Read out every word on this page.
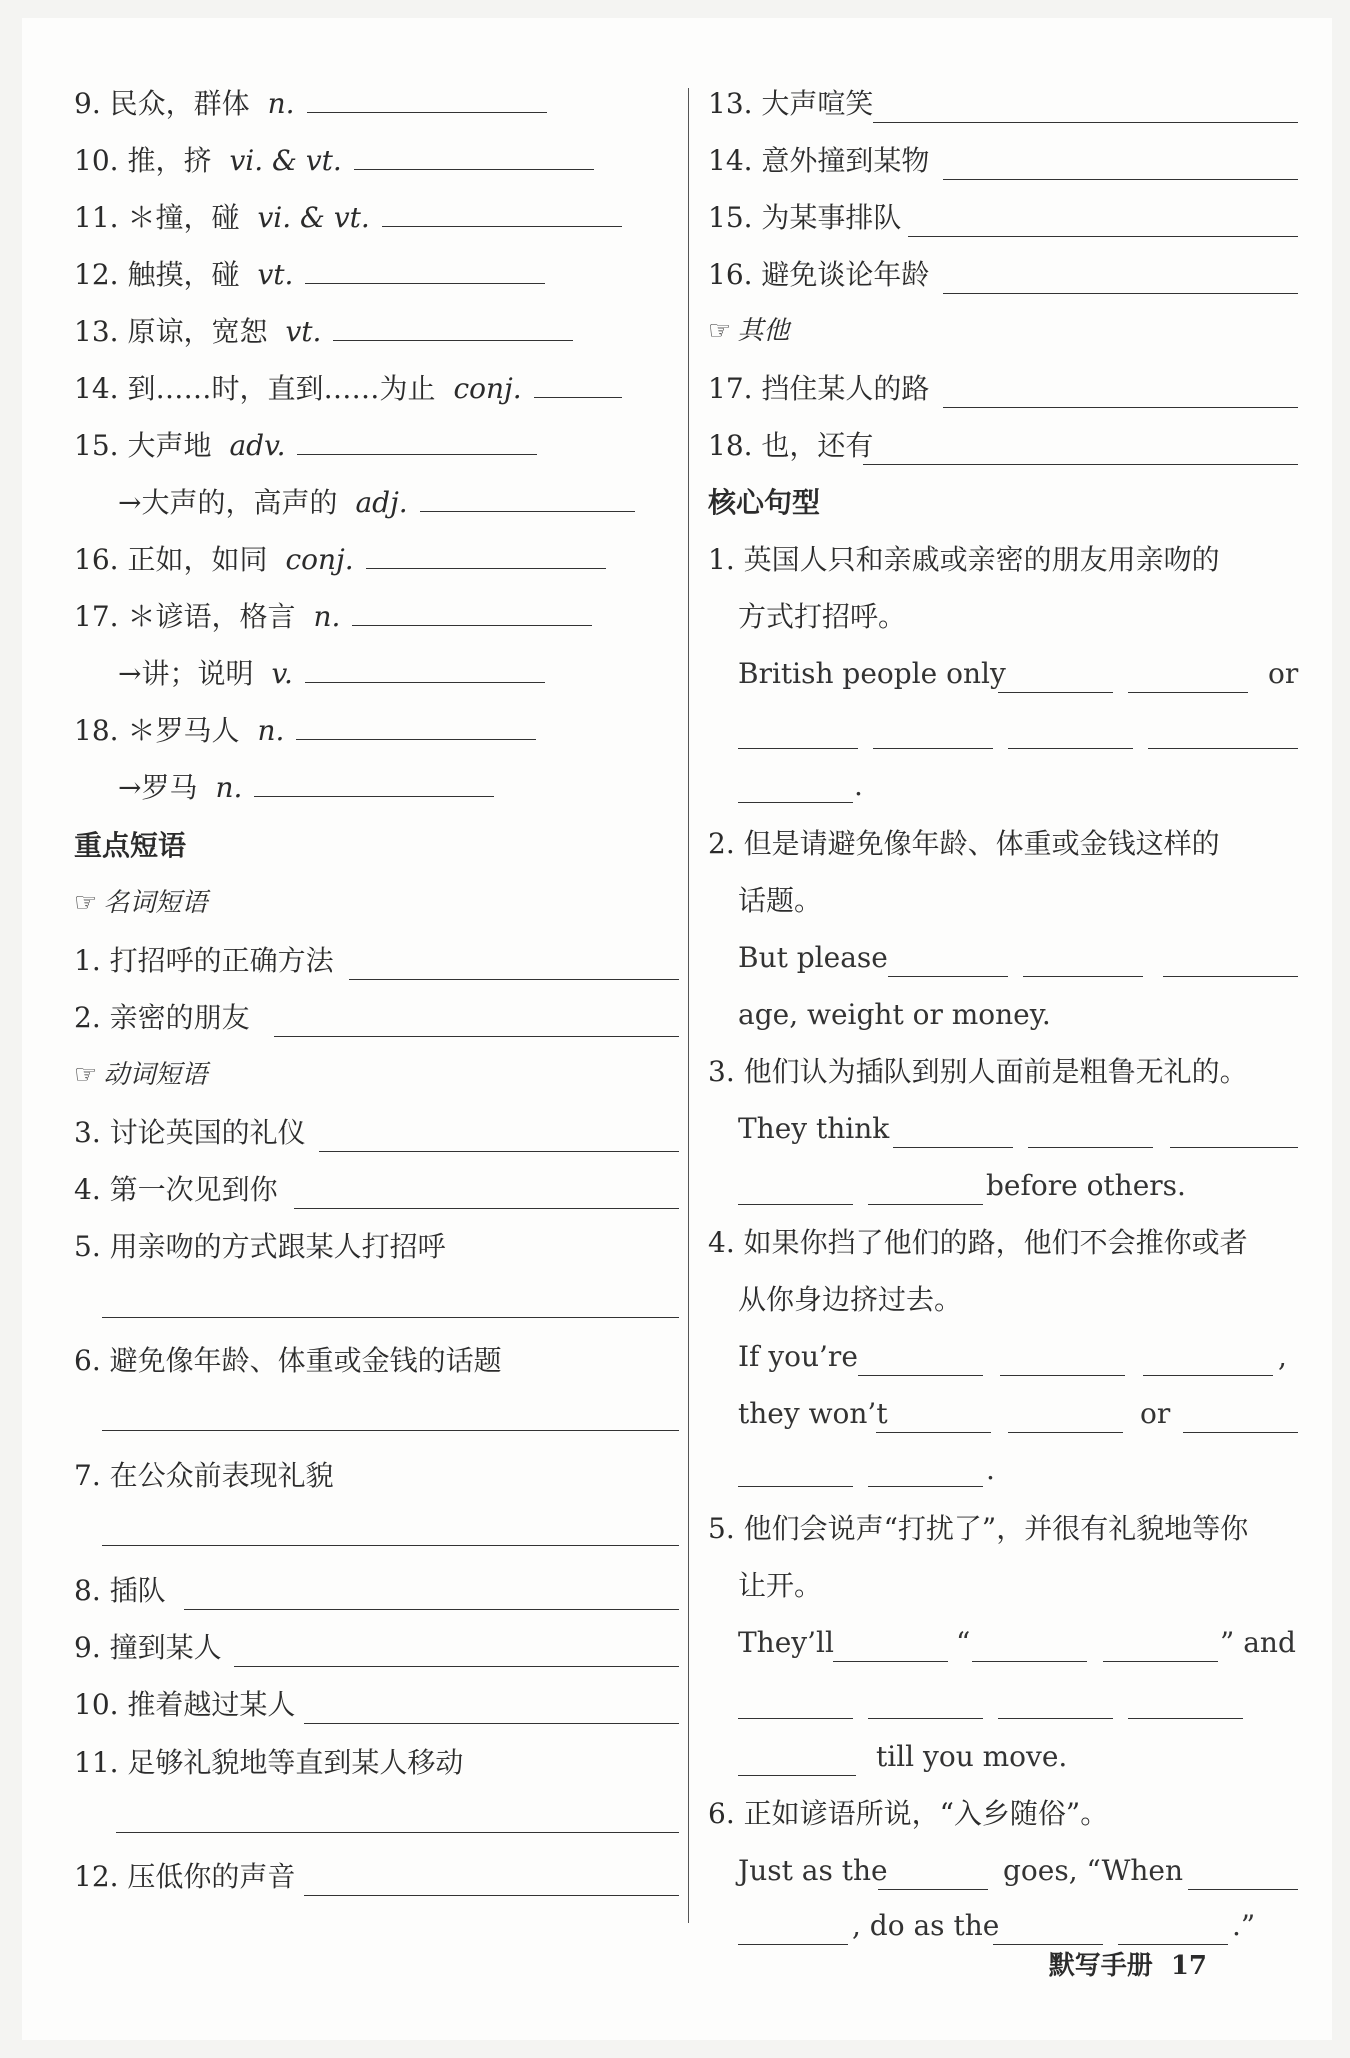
9. 民众，群体 n.
10. 推，挤 vi. & vt.
11. ＊撞，碰 vi. & vt.
12. 触摸，碰 vt.
13. 原谅，宽恕 vt.
14. 到……时，直到……为止 conj.
15. 大声地 adv.
→大声的，高声的 adj.
16. 正如，如同 conj.
17. ＊谚语，格言 n.
→讲；说明 v.
18. ＊罗马人 n.
→罗马 n.
重点短语
☞ 名词短语
1. 打招呼的正确方法
2. 亲密的朋友
☞ 动词短语
3. 讨论英国的礼仪
4. 第一次见到你
5. 用亲吻的方式跟某人打招呼
6. 避免像年龄、体重或金钱的话题
7. 在公众前表现礼貌
8. 插队
9. 撞到某人
10. 推着越过某人
11. 足够礼貌地等直到某人移动
12. 压低你的声音
13. 大声喧笑
14. 意外撞到某物
15. 为某事排队
16. 避免谈论年龄
☞ 其他
17. 挡住某人的路
18. 也，还有
核心句型
1. 英国人只和亲戚或亲密的朋友用亲吻的
方式打招呼。
British people only	or
.
2. 但是请避免像年龄、体重或金钱这样的
话题。
But please
age, weight or money.
3. 他们认为插队到别人面前是粗鲁无礼的。
They think
before others.
4. 如果你挡了他们的路，他们不会推你或者
从你身边挤过去。
If you’re	,
they won’t	or
.
5. 他们会说声“打扰了”，并很有礼貌地等你
让开。
They’ll	“	” and
till you move.
6. 正如谚语所说，“入乡随俗”。
Just as the	goes, “When
, do as the	.”
默写手册 17
